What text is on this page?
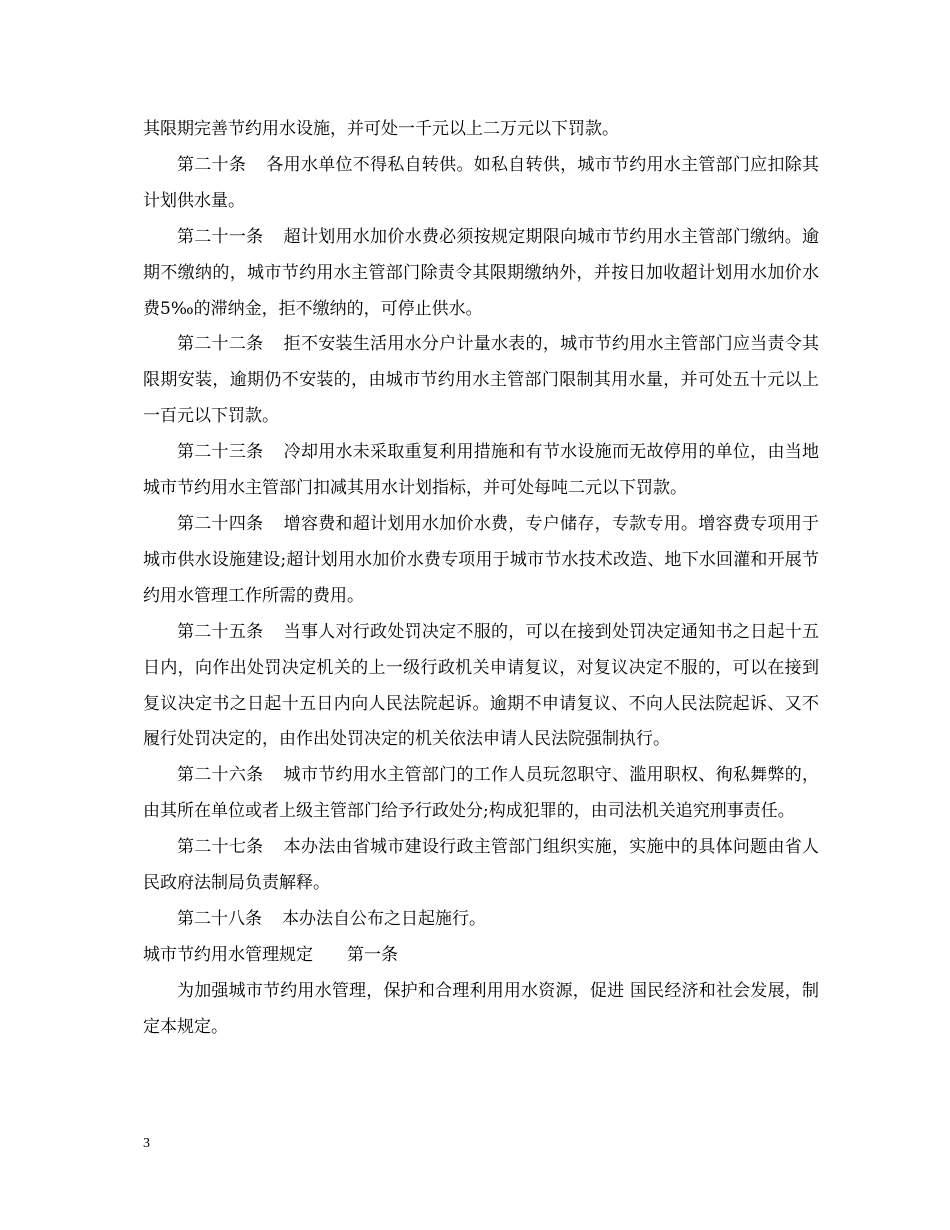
其限期完善节约用水设施，并可处一千元以上二万元以下罚款。

第二十条 各用水单位不得私自转供。如私自转供，城市节约用水主管部门应扣除其计划供水量。

第二十一条 超计划用水加价水费必须按规定期限向城市节约用水主管部门缴纳。逾期不缴纳的，城市节约用水主管部门除责令其限期缴纳外，并按日加收超计划用水加价水费5‰的滞纳金，拒不缴纳的，可停止供水。

第二十二条 拒不安装生活用水分户计量水表的，城市节约用水主管部门应当责令其限期安装，逾期仍不安装的，由城市节约用水主管部门限制其用水量，并可处五十元以上一百元以下罚款。

第二十三条 冷却用水未采取重复利用措施和有节水设施而无故停用的单位，由当地城市节约用水主管部门扣减其用水计划指标，并可处每吨二元以下罚款。

第二十四条 增容费和超计划用水加价水费，专户储存，专款专用。增容费专项用于城市供水设施建设;超计划用水加价水费专项用于城市节水技术改造、地下水回灌和开展节约用水管理工作所需的费用。

第二十五条 当事人对行政处罚决定不服的，可以在接到处罚决定通知书之日起十五日内，向作出处罚决定机关的上一级行政机关申请复议，对复议决定不服的，可以在接到复议决定书之日起十五日内向人民法院起诉。逾期不申请复议、不向人民法院起诉、又不履行处罚决定的，由作出处罚决定的机关依法申请人民法院强制执行。

第二十六条 城市节约用水主管部门的工作人员玩忽职守、滥用职权、徇私舞弊的，由其所在单位或者上级主管部门给予行政处分;构成犯罪的，由司法机关追究刑事责任。

第二十七条 本办法由省城市建设行政主管部门组织实施，实施中的具体问题由省人民政府法制局负责解释。

第二十八条 本办法自公布之日起施行。

城市节约用水管理规定 第一条

为加强城市节约用水管理，保护和合理利用用水资源，促进 国民经济和社会发展，制定本规定。

3
